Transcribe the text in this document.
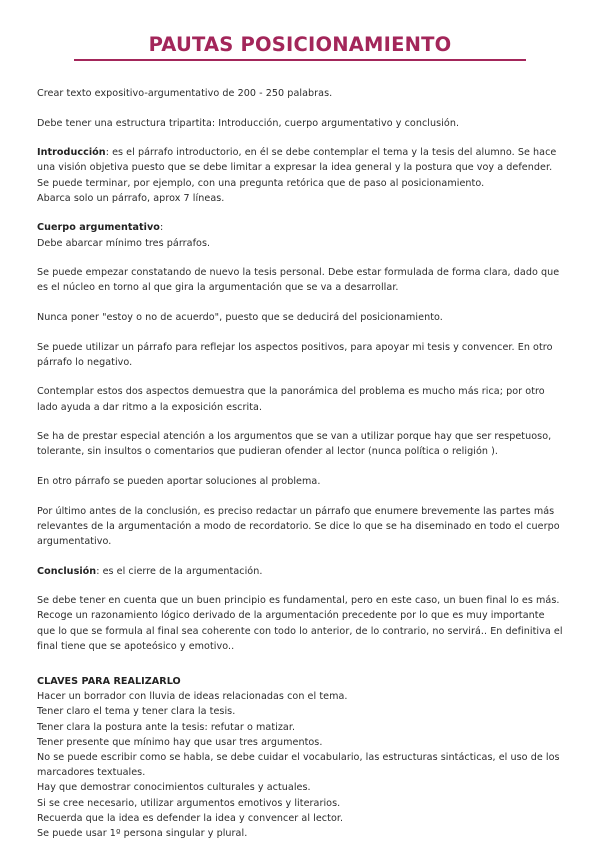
PAUTAS POSICIONAMIENTO

Crear texto expositivo-argumentativo de 200 - 250 palabras.

Debe tener una estructura tripartita: Introducción, cuerpo argumentativo y conclusión.

Introducción: es el párrafo introductorio, en él se debe contemplar el tema y la tesis del alumno. Se hace una visión objetiva puesto que se debe limitar a expresar la idea general y la postura que voy a defender. Se puede terminar, por ejemplo, con una pregunta retórica que de paso al posicionamiento.
Abarca solo un párrafo, aprox 7 líneas.

Cuerpo argumentativo:
Debe abarcar mínimo tres párrafos.

Se puede empezar constatando de nuevo la tesis personal. Debe estar formulada de forma clara, dado que es el núcleo en torno al que gira la argumentación que se va a desarrollar.

Nunca poner "estoy o no de acuerdo", puesto que se deducirá del posicionamiento.

Se puede utilizar un párrafo para reflejar los aspectos positivos, para apoyar mi tesis y convencer. En otro párrafo lo negativo.

Contemplar estos dos aspectos demuestra que la panorámica del problema es mucho más rica; por otro lado ayuda a dar ritmo a la exposición escrita.

Se ha de prestar especial atención a los argumentos que se van a utilizar porque hay que ser respetuoso, tolerante, sin insultos o comentarios que pudieran ofender al lector (nunca política o religión ).

En otro párrafo se pueden aportar soluciones al problema.

Por último antes de la conclusión, es preciso redactar un párrafo que enumere brevemente las partes más relevantes de la argumentación a modo de recordatorio. Se dice lo que se ha diseminado en todo el cuerpo argumentativo.

Conclusión: es el cierre de la argumentación.

Se debe tener en cuenta que un buen principio es fundamental, pero en este caso, un buen final lo es más. Recoge un razonamiento lógico derivado de la argumentación precedente por lo que es muy importante que lo que se formula al final sea coherente con todo lo anterior, de lo contrario, no servirá.. En definitiva el final tiene que se apoteósico y emotivo..

CLAVES PARA REALIZARLO
Hacer un borrador con lluvia de ideas relacionadas con el tema.
Tener claro el tema y tener clara la tesis.
Tener clara la postura ante la tesis: refutar o matizar.
Tener presente que mínimo hay que usar tres argumentos.
No se puede escribir como se habla, se debe cuidar el vocabulario, las estructuras sintácticas, el uso de los marcadores textuales.
Hay que demostrar conocimientos culturales y actuales.
Si se cree necesario, utilizar argumentos emotivos y literarios.
Recuerda que la idea es defender la idea y convencer al lector.
Se puede usar 1º persona singular y plural.
